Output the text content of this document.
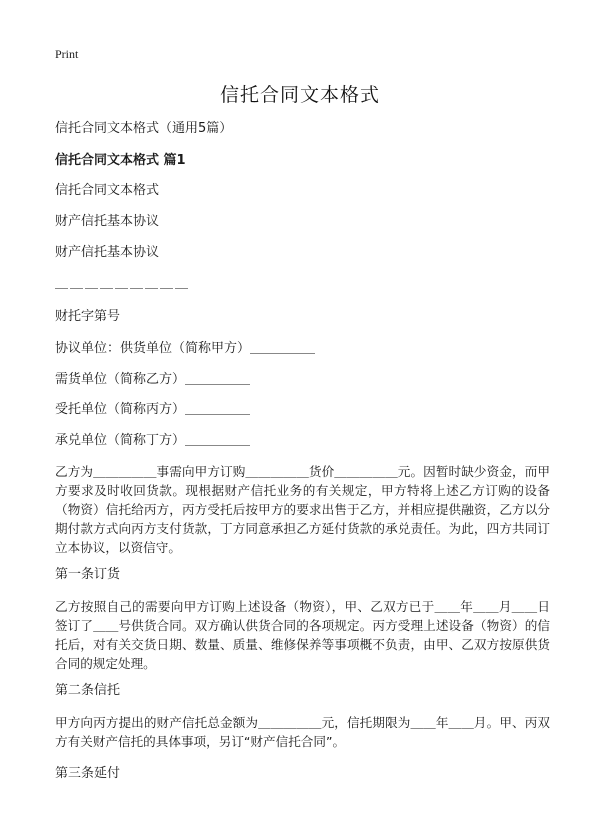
Print
信托合同文本格式
信托合同文本格式（通用5篇）
信托合同文本格式 篇1
信托合同文本格式
财产信托基本协议
财产信托基本协议
＿＿＿＿＿＿＿＿＿
财托字第号
协议单位：供货单位（简称甲方）＿＿＿＿＿
需货单位（简称乙方）＿＿＿＿＿
受托单位（简称丙方）＿＿＿＿＿
承兑单位（简称丁方）＿＿＿＿＿
乙方为＿＿＿＿＿事需向甲方订购＿＿＿＿＿货价＿＿＿＿＿元。因暂时缺少资金，而甲方要求及时收回货款。现根据财产信托业务的有关规定，甲方特将上述乙方订购的设备（物资）信托给丙方，丙方受托后按甲方的要求出售于乙方，并相应提供融资，乙方以分期付款方式向丙方支付货款，丁方同意承担乙方延付货款的承兑责任。为此，四方共同订立本协议，以资信守。
第一条订货
乙方按照自己的需要向甲方订购上述设备（物资），甲、乙双方已于＿＿年＿＿月＿＿日签订了＿＿号供货合同。双方确认供货合同的各项规定。丙方受理上述设备（物资）的信托后，对有关交货日期、数量、质量、维修保养等事项概不负责，由甲、乙双方按原供货合同的规定处理。
第二条信托
甲方向丙方提出的财产信托总金额为＿＿＿＿＿元，信托期限为＿＿年＿＿月。甲、丙双方有关财产信托的具体事项，另订“财产信托合同”。
第三条延付
